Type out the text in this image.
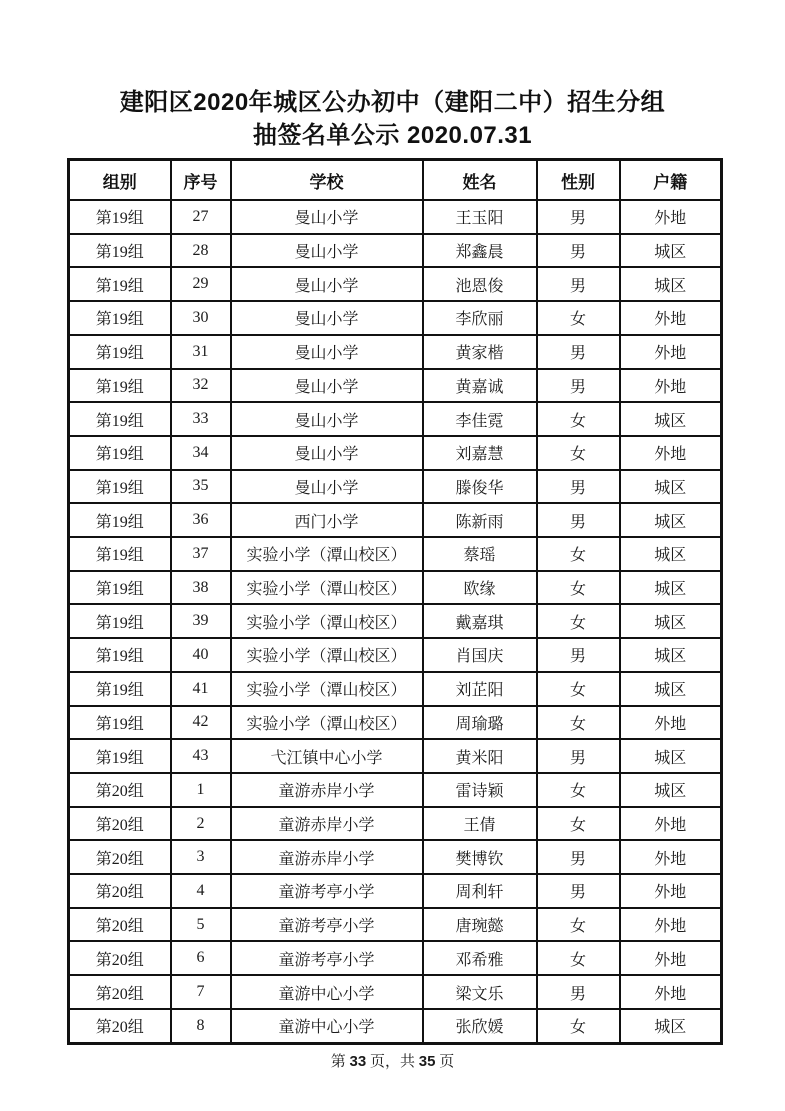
建阳区2020年城区公办初中（建阳二中）招生分组
抽签名单公示 2020.07.31
组别	序号	学校	姓名	性别	户籍
第19组	27	曼山小学	王玉阳	男	外地
第19组	28	曼山小学	郑鑫晨	男	城区
第19组	29	曼山小学	池恩俊	男	城区
第19组	30	曼山小学	李欣丽	女	外地
第19组	31	曼山小学	黄家楷	男	外地
第19组	32	曼山小学	黄嘉诚	男	外地
第19组	33	曼山小学	李佳霓	女	城区
第19组	34	曼山小学	刘嘉慧	女	外地
第19组	35	曼山小学	滕俊华	男	城区
第19组	36	西门小学	陈新雨	男	城区
第19组	37	实验小学（潭山校区）	蔡瑶	女	城区
第19组	38	实验小学（潭山校区）	欧缘	女	城区
第19组	39	实验小学（潭山校区）	戴嘉琪	女	城区
第19组	40	实验小学（潭山校区）	肖国庆	男	城区
第19组	41	实验小学（潭山校区）	刘芷阳	女	城区
第19组	42	实验小学（潭山校区）	周瑜璐	女	外地
第19组	43	弋江镇中心小学	黄米阳	男	城区
第20组	1	童游赤岸小学	雷诗颖	女	城区
第20组	2	童游赤岸小学	王倩	女	外地
第20组	3	童游赤岸小学	樊博钦	男	外地
第20组	4	童游考亭小学	周利轩	男	外地
第20组	5	童游考亭小学	唐琬懿	女	外地
第20组	6	童游考亭小学	邓希雅	女	外地
第20组	7	童游中心小学	梁文乐	男	外地
第20组	8	童游中心小学	张欣媛	女	城区
第 33 页，共 35 页
